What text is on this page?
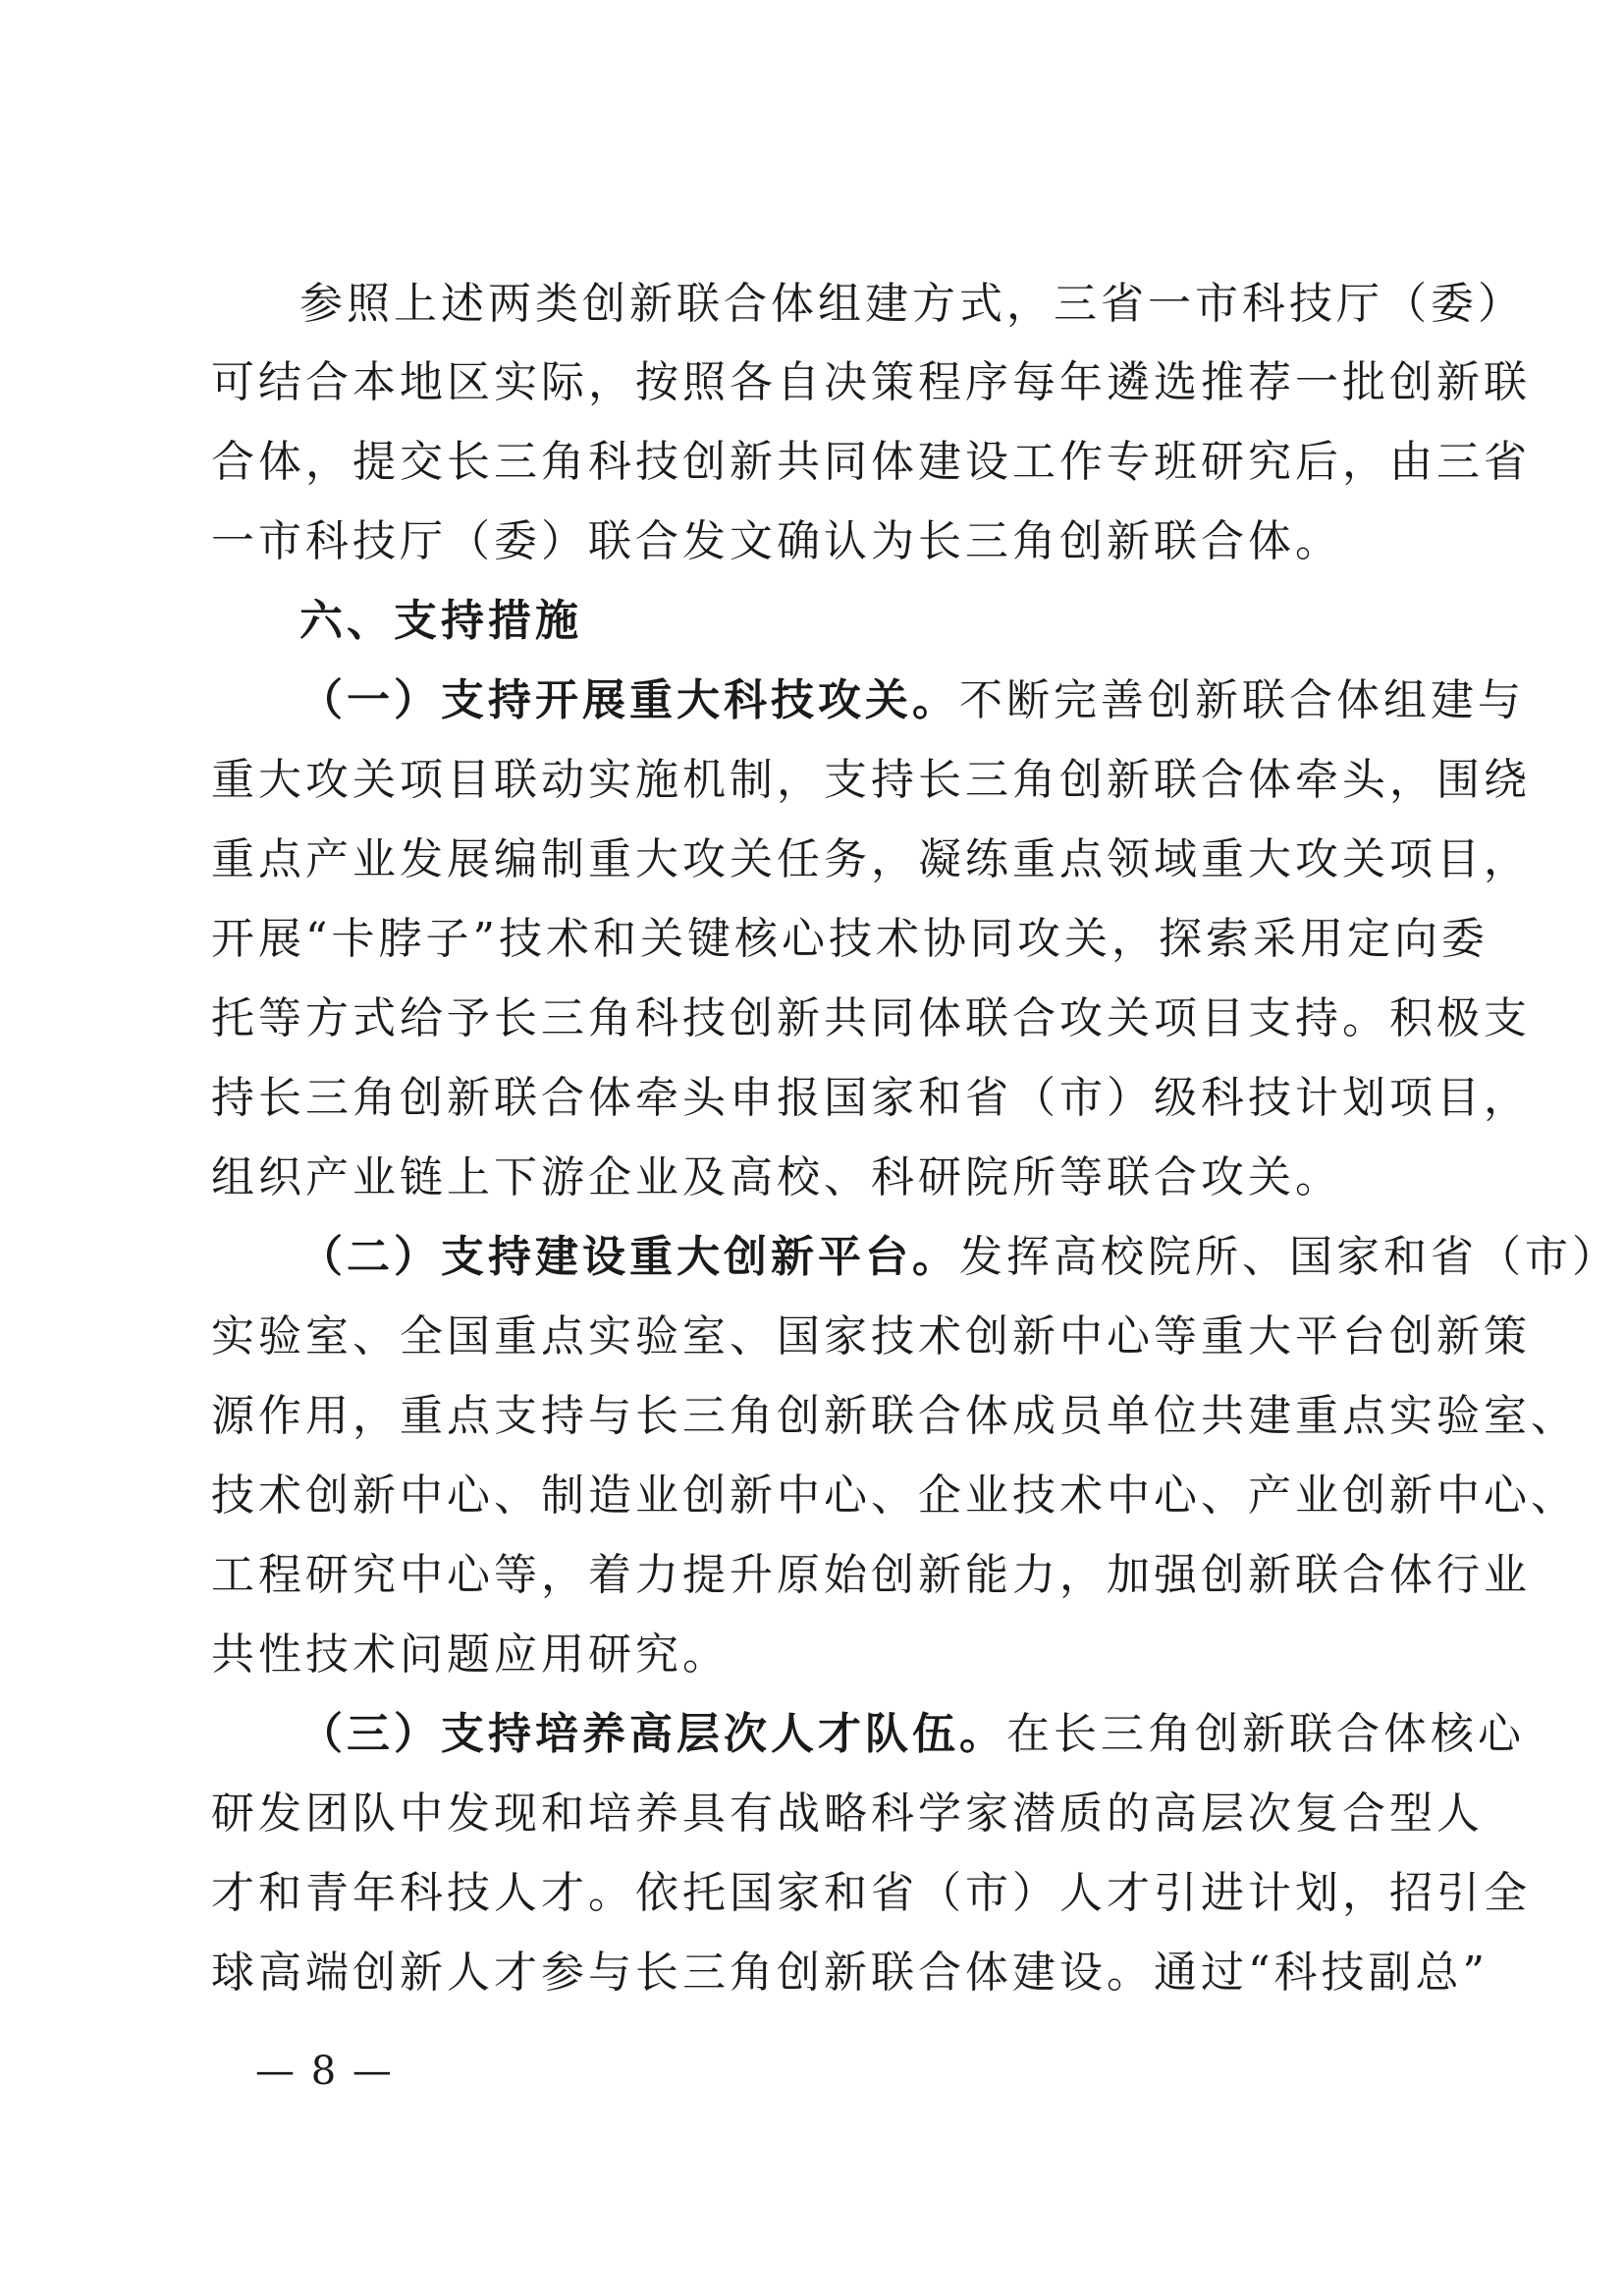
参照上述两类创新联合体组建方式，三省一市科技厅（委）
可结合本地区实际，按照各自决策程序每年遴选推荐一批创新联
合体，提交长三角科技创新共同体建设工作专班研究后，由三省
一市科技厅（委）联合发文确认为长三角创新联合体。
六、支持措施
（一）支持开展重大科技攻关。不断完善创新联合体组建与
重大攻关项目联动实施机制，支持长三角创新联合体牵头，围绕
重点产业发展编制重大攻关任务，凝练重点领域重大攻关项目，
开展“卡脖子”技术和关键核心技术协同攻关，探索采用定向委
托等方式给予长三角科技创新共同体联合攻关项目支持。积极支
持长三角创新联合体牵头申报国家和省（市）级科技计划项目，
组织产业链上下游企业及高校、科研院所等联合攻关。
（二）支持建设重大创新平台。发挥高校院所、国家和省（市）
实验室、全国重点实验室、国家技术创新中心等重大平台创新策
源作用，重点支持与长三角创新联合体成员单位共建重点实验室、
技术创新中心、制造业创新中心、企业技术中心、产业创新中心、
工程研究中心等，着力提升原始创新能力，加强创新联合体行业
共性技术问题应用研究。
（三）支持培养高层次人才队伍。在长三角创新联合体核心
研发团队中发现和培养具有战略科学家潜质的高层次复合型人
才和青年科技人才。依托国家和省（市）人才引进计划，招引全
球高端创新人才参与长三角创新联合体建设。通过“科技副总”
— 8 —
